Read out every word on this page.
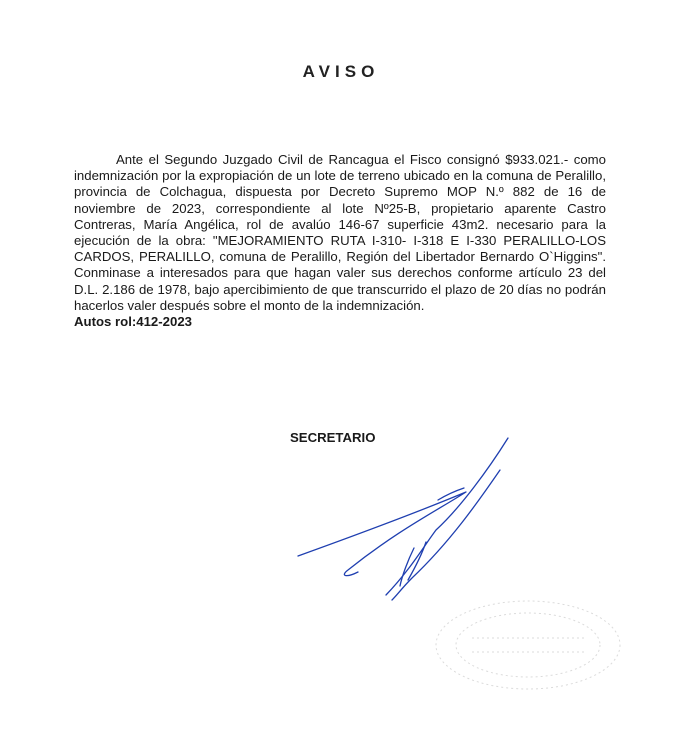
AVISO

Ante el Segundo Juzgado Civil de Rancagua el Fisco consignó $933.021.- como indemnización por la expropiación de un lote de terreno ubicado en la comuna de Peralillo, provincia de Colchagua, dispuesta por Decreto Supremo MOP N.º 882 de 16 de noviembre de 2023, correspondiente al lote Nº25-B, propietario aparente Castro Contreras, María Angélica, rol de avalúo 146-67 superficie 43m2. necesario para la ejecución de la obra: "MEJORAMIENTO RUTA I-310- I-318 E I-330 PERALILLO-LOS CARDOS, PERALILLO, comuna de Peralillo, Región del Libertador Bernardo O`Higgins". Conminase a interesados para que hagan valer sus derechos conforme artículo 23 del D.L. 2.186 de 1978, bajo apercibimiento de que transcurrido el plazo de 20 días no podrán hacerlos valer después sobre el monto de la indemnización.

Autos rol:412-2023

SECRETARIO
